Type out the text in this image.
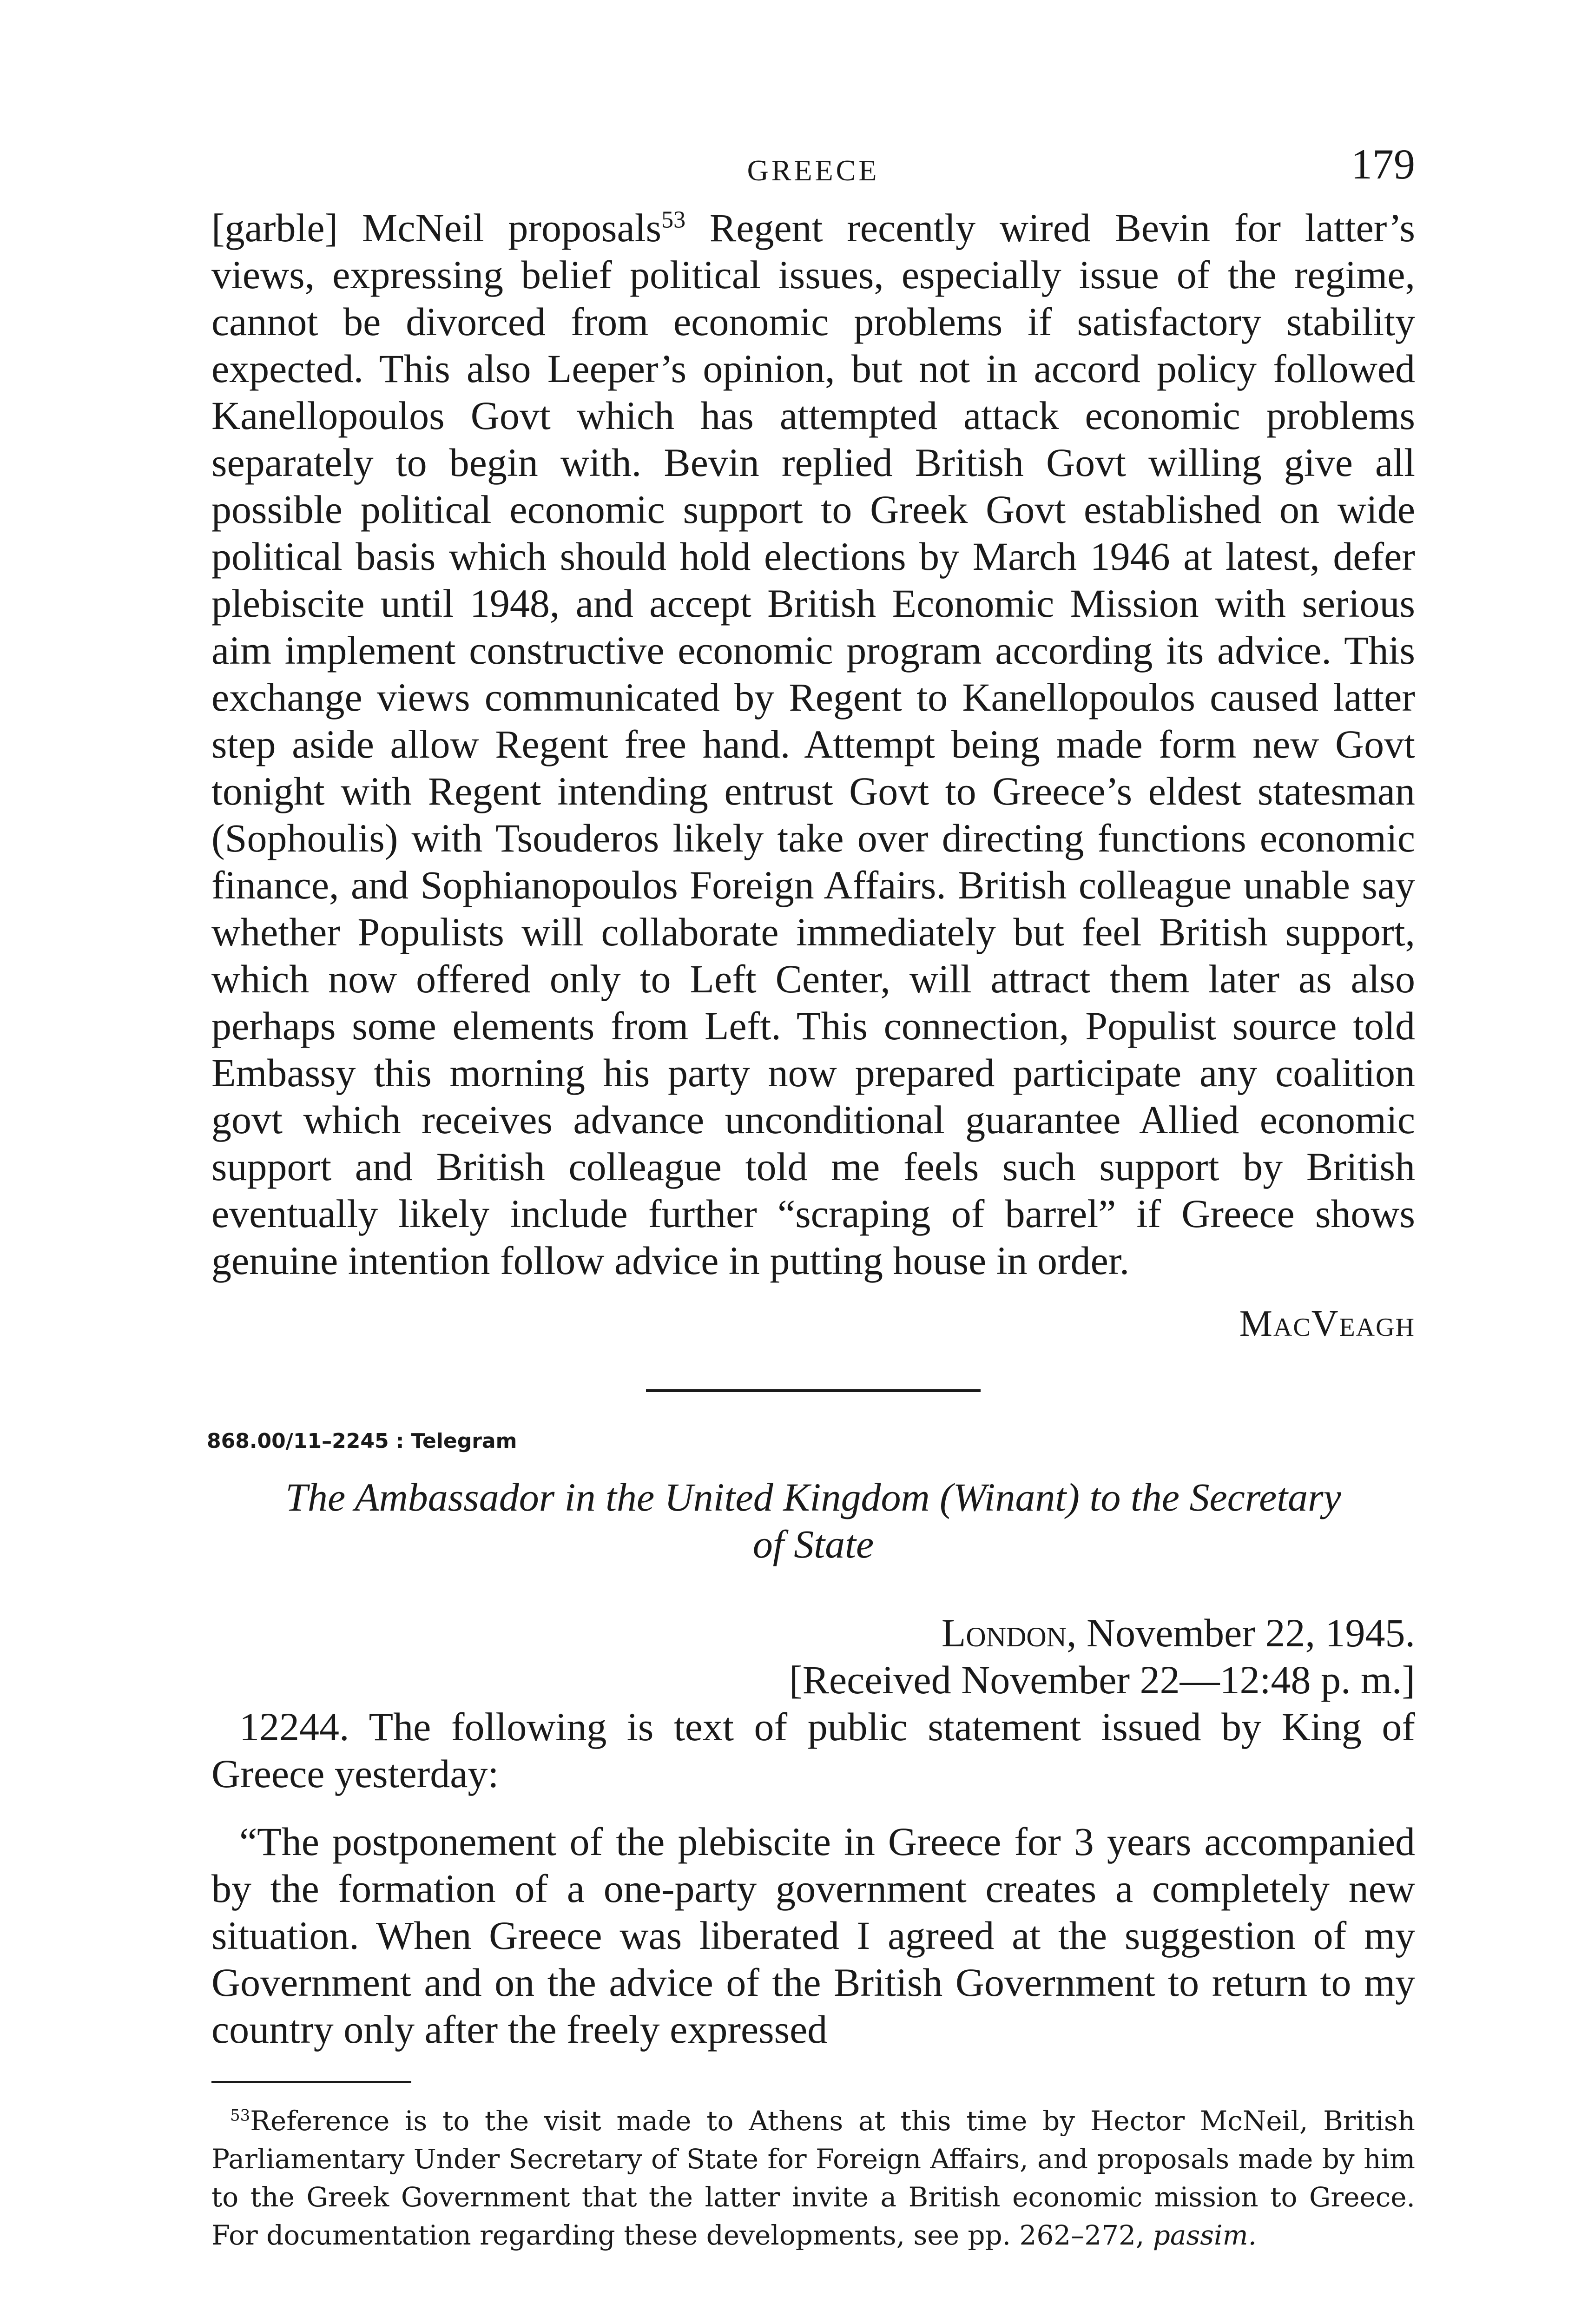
GREECE	179

[garble] McNeil proposals$^{53}$ Regent recently wired Bevin for latter’s views, expressing belief political issues, especially issue of the regime, cannot be divorced from economic problems if satisfactory stability expected. This also Leeper’s opinion, but not in accord policy followed Kanellopoulos Govt which has attempted attack economic problems separately to begin with. Bevin replied British Govt willing give all possible political economic support to Greek Govt established on wide political basis which should hold elections by March 1946 at latest, defer plebiscite until 1948, and accept British Economic Mission with serious aim implement constructive economic program according its advice. This exchange views communicated by Regent to Kanellopoulos caused latter step aside allow Regent free hand. Attempt being made form new Govt tonight with Regent intending entrust Govt to Greece’s eldest statesman (Sophoulis) with Tsouderos likely take over directing functions economic finance, and Sophianopoulos Foreign Affairs. British colleague unable say whether Populists will collaborate immediately but feel British support, which now offered only to Left Center, will attract them later as also perhaps some elements from Left. This connection, Populist source told Embassy this morning his party now prepared participate any coalition govt which receives advance unconditional guarantee Allied economic support and British colleague told me feels such support by British eventually likely include further “scraping of barrel” if Greece shows genuine intention follow advice in putting house in order.

MacVeagh
868.00/11–2245 : Telegram

The Ambassador in the United Kingdom (Winant) to the Secretary
of State

London, November 22, 1945.
[Received November 22—12:48 p. m.]

12244. The following is text of public statement issued by King of Greece yesterday:

“The postponement of the plebiscite in Greece for 3 years accompanied by the formation of a one-party government creates a completely new situation. When Greece was liberated I agreed at the suggestion of my Government and on the advice of the British Government to return to my country only after the freely expressed

$^{53}$Reference is to the visit made to Athens at this time by Hector McNeil, British Parliamentary Under Secretary of State for Foreign Affairs, and proposals made by him to the Greek Government that the latter invite a British economic mission to Greece. For documentation regarding these developments, see pp. 262–272, passim.
